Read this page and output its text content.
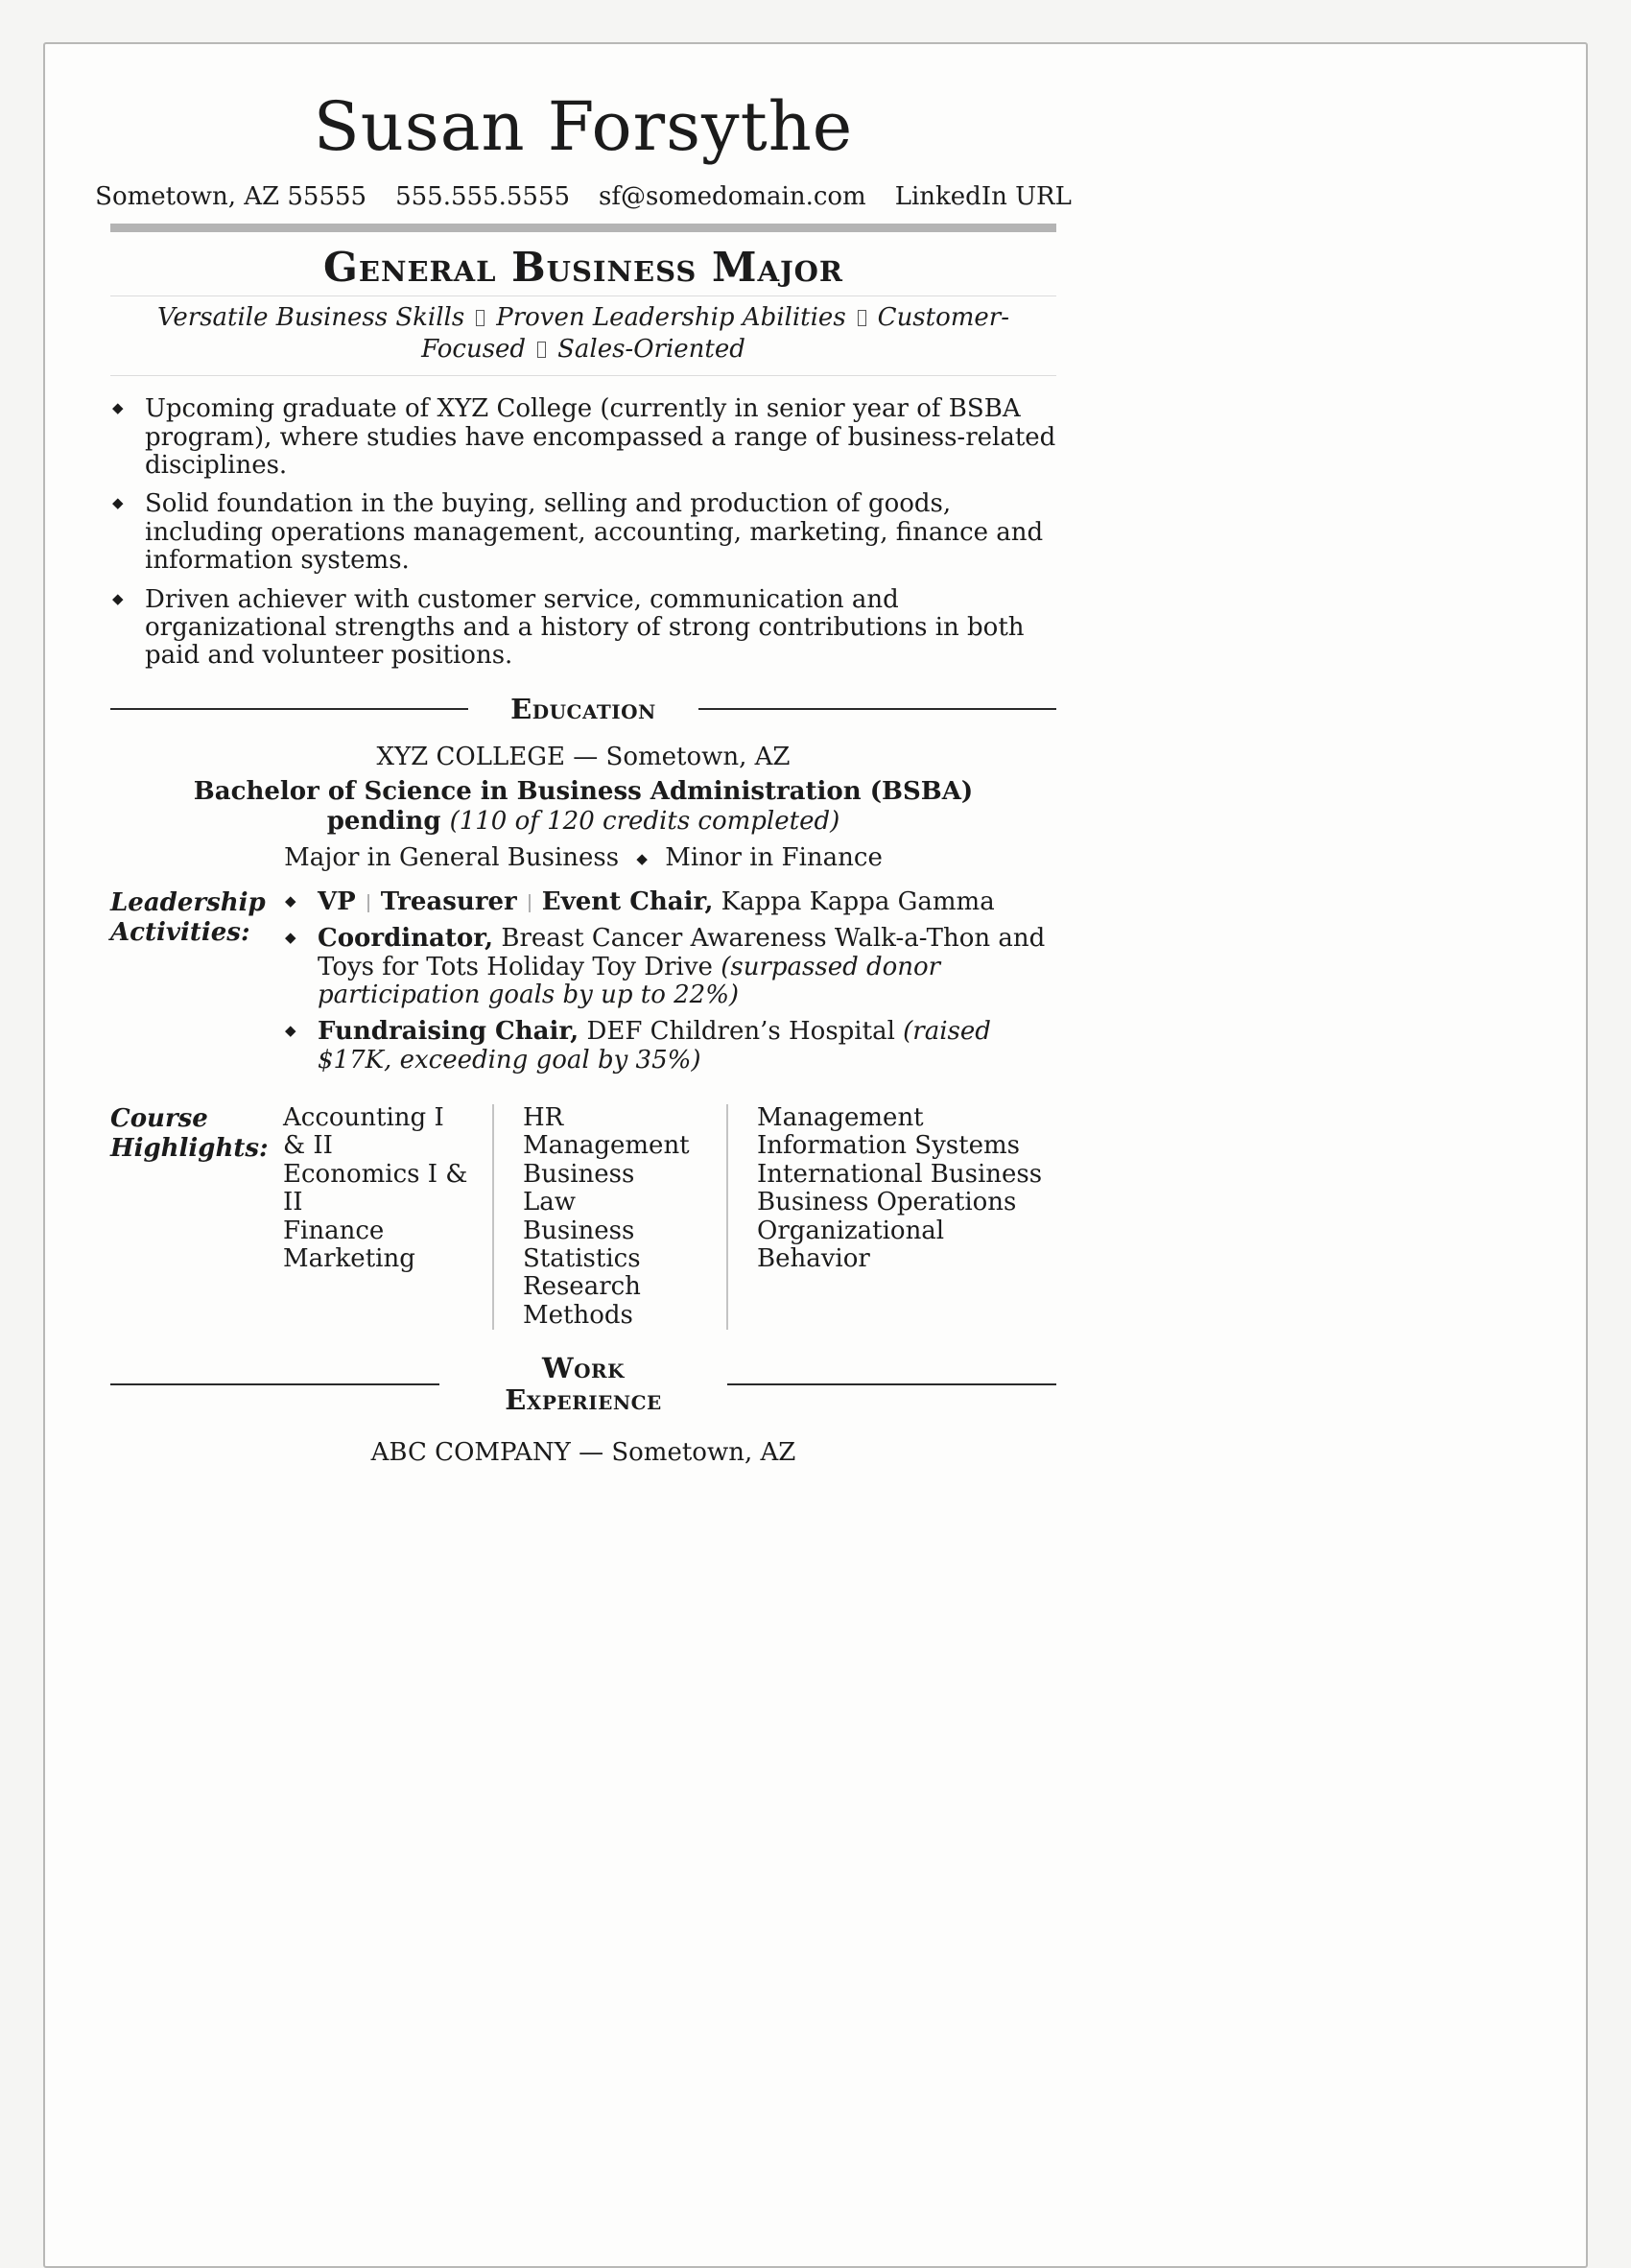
Susan Forsythe
Sometown, AZ 55555 555.555.5555 sf@somedomain.com LinkedIn URL
General Business Major
Versatile Business Skills Proven Leadership Abilities Customer-Focused Sales-Oriented
◆ Upcoming graduate of XYZ College (currently in senior year of BSBA program), where studies have encompassed a range of business-related disciplines.
◆ Solid foundation in the buying, selling and production of goods, including operations management, accounting, marketing, finance and information systems.
◆ Driven achiever with customer service, communication and organizational strengths and a history of strong contributions in both paid and volunteer positions.
Education
XYZ COLLEGE — Sometown, AZ
Bachelor of Science in Business Administration (BSBA) pending (110 of 120 credits completed)
Major in General Business ◆ Minor in Finance
Leadership Activities:
◆ VP Treasurer Event Chair, Kappa Kappa Gamma
◆ Coordinator, Breast Cancer Awareness Walk-a-Thon and Toys for Tots Holiday Toy Drive (surpassed donor participation goals by up to 22%)
◆ Fundraising Chair, DEF Children’s Hospital (raised $17K, exceeding goal by 35%)
Course Highlights:
Accounting I & II
Economics I & II
Finance
Marketing
HR Management
Business Law
Business Statistics
Research Methods
Management Information Systems
International Business
Business Operations
Organizational Behavior
Work Experience
ABC COMPANY — Sometown, AZ
